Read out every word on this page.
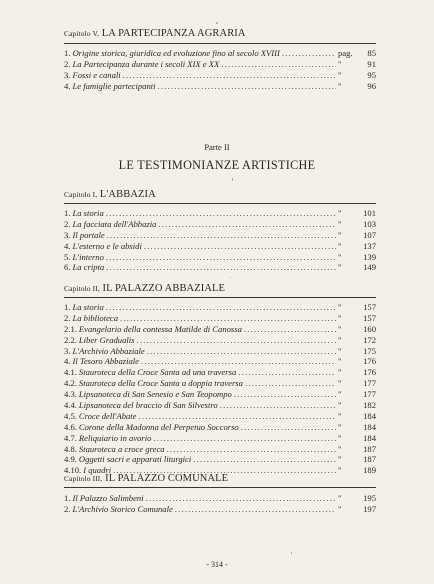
Capitolo V, LA PARTECIPANZA AGRARIA
1. Origine storica, giuridica ed evoluzione fino al secolo XVIII .....	pag.	85
2. La Partecipanza durante i secoli XIX e XX .....	"	91
3. Fossi e canali .....	"	95
4. Le famiglie partecipanti .....	"	96
Parte II
LE TESTIMONIANZE ARTISTICHE
Capitolo I, L'ABBAZIA
1. La storia .....	"	101
2. La facciata dell'Abbazia .....	"	103
3. Il portale .....	"	107
4. L'esterno e le absidi .....	"	137
5. L'interno .....	"	139
6. La cripta .....	"	149
Capitolo II, IL PALAZZO ABBAZIALE
1. La storia .....	"	157
2. La biblioteca .....	"	157
2.1. Evangelario della contessa Matilde di Canossa .....	"	160
2.2. Liber Gradualis .....	"	172
3. L'Archivio Abbaziale .....	"	175
4. Il Tesoro Abbaziale .....	"	176
4.1. Stauroteca della Croce Santa ad una traversa .....	"	176
4.2. Stauroteca della Croce Santa a doppia traversa .....	"	177
4.3. Lipsanoteca di San Senesio e San Teopompo .....	"	177
4.4. Lipsanoteca del braccio di San Silvestro .....	"	182
4.5. Croce dell'Abate .....	"	184
4.6. Corone della Madonna del Perpetuo Soccorso .....	"	184
4.7. Reliquiario in avorio .....	"	184
4.8. Stauroteca a croce greca .....	"	187
4.9. Oggetti sacri e apparati liturgici .....	"	187
4.10. I quadri .....	"	189
Capitolo III, IL PALAZZO COMUNALE
1. Il Palazzo Salimbeni .....	"	195
2. L'Archivio Storico Comunale .....	"	197
- 314 -
